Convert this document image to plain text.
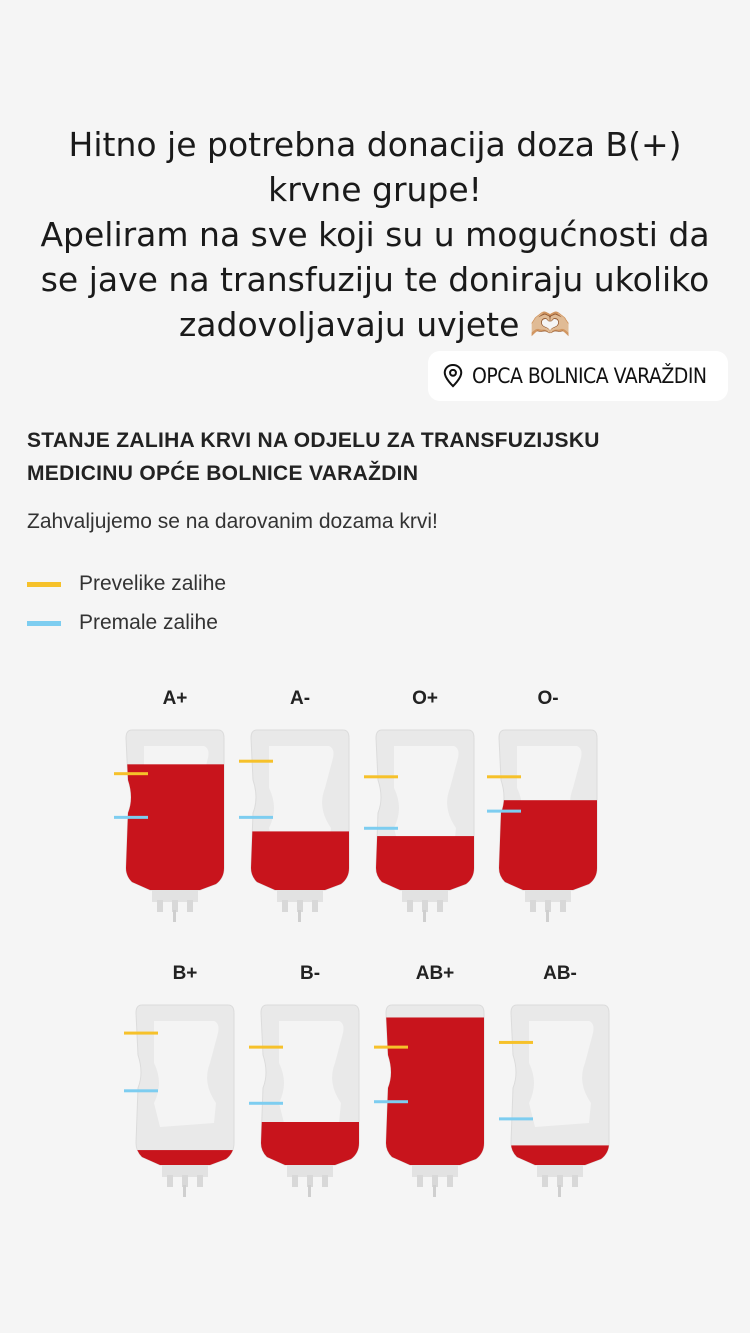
Hitno je potrebna donacija doza B(+)
krvne grupe!
Apeliram na sve koji su u mogućnosti da
se jave na transfuziju te doniraju ukoliko
zadovoljavaju uvjete 🫶🏼
OPCA BOLNICA VARAŽDIN
STANJE ZALIHA KRVI NA ODJELU ZA TRANSFUZIJSKU
MEDICINU OPĆE BOLNICE VARAŽDIN
Zahvaljujemo se na darovanim dozama krvi!
Prevelike zalihe
Premale zalihe
A+	A-	O+	O-
B+	B-	AB+	AB-
